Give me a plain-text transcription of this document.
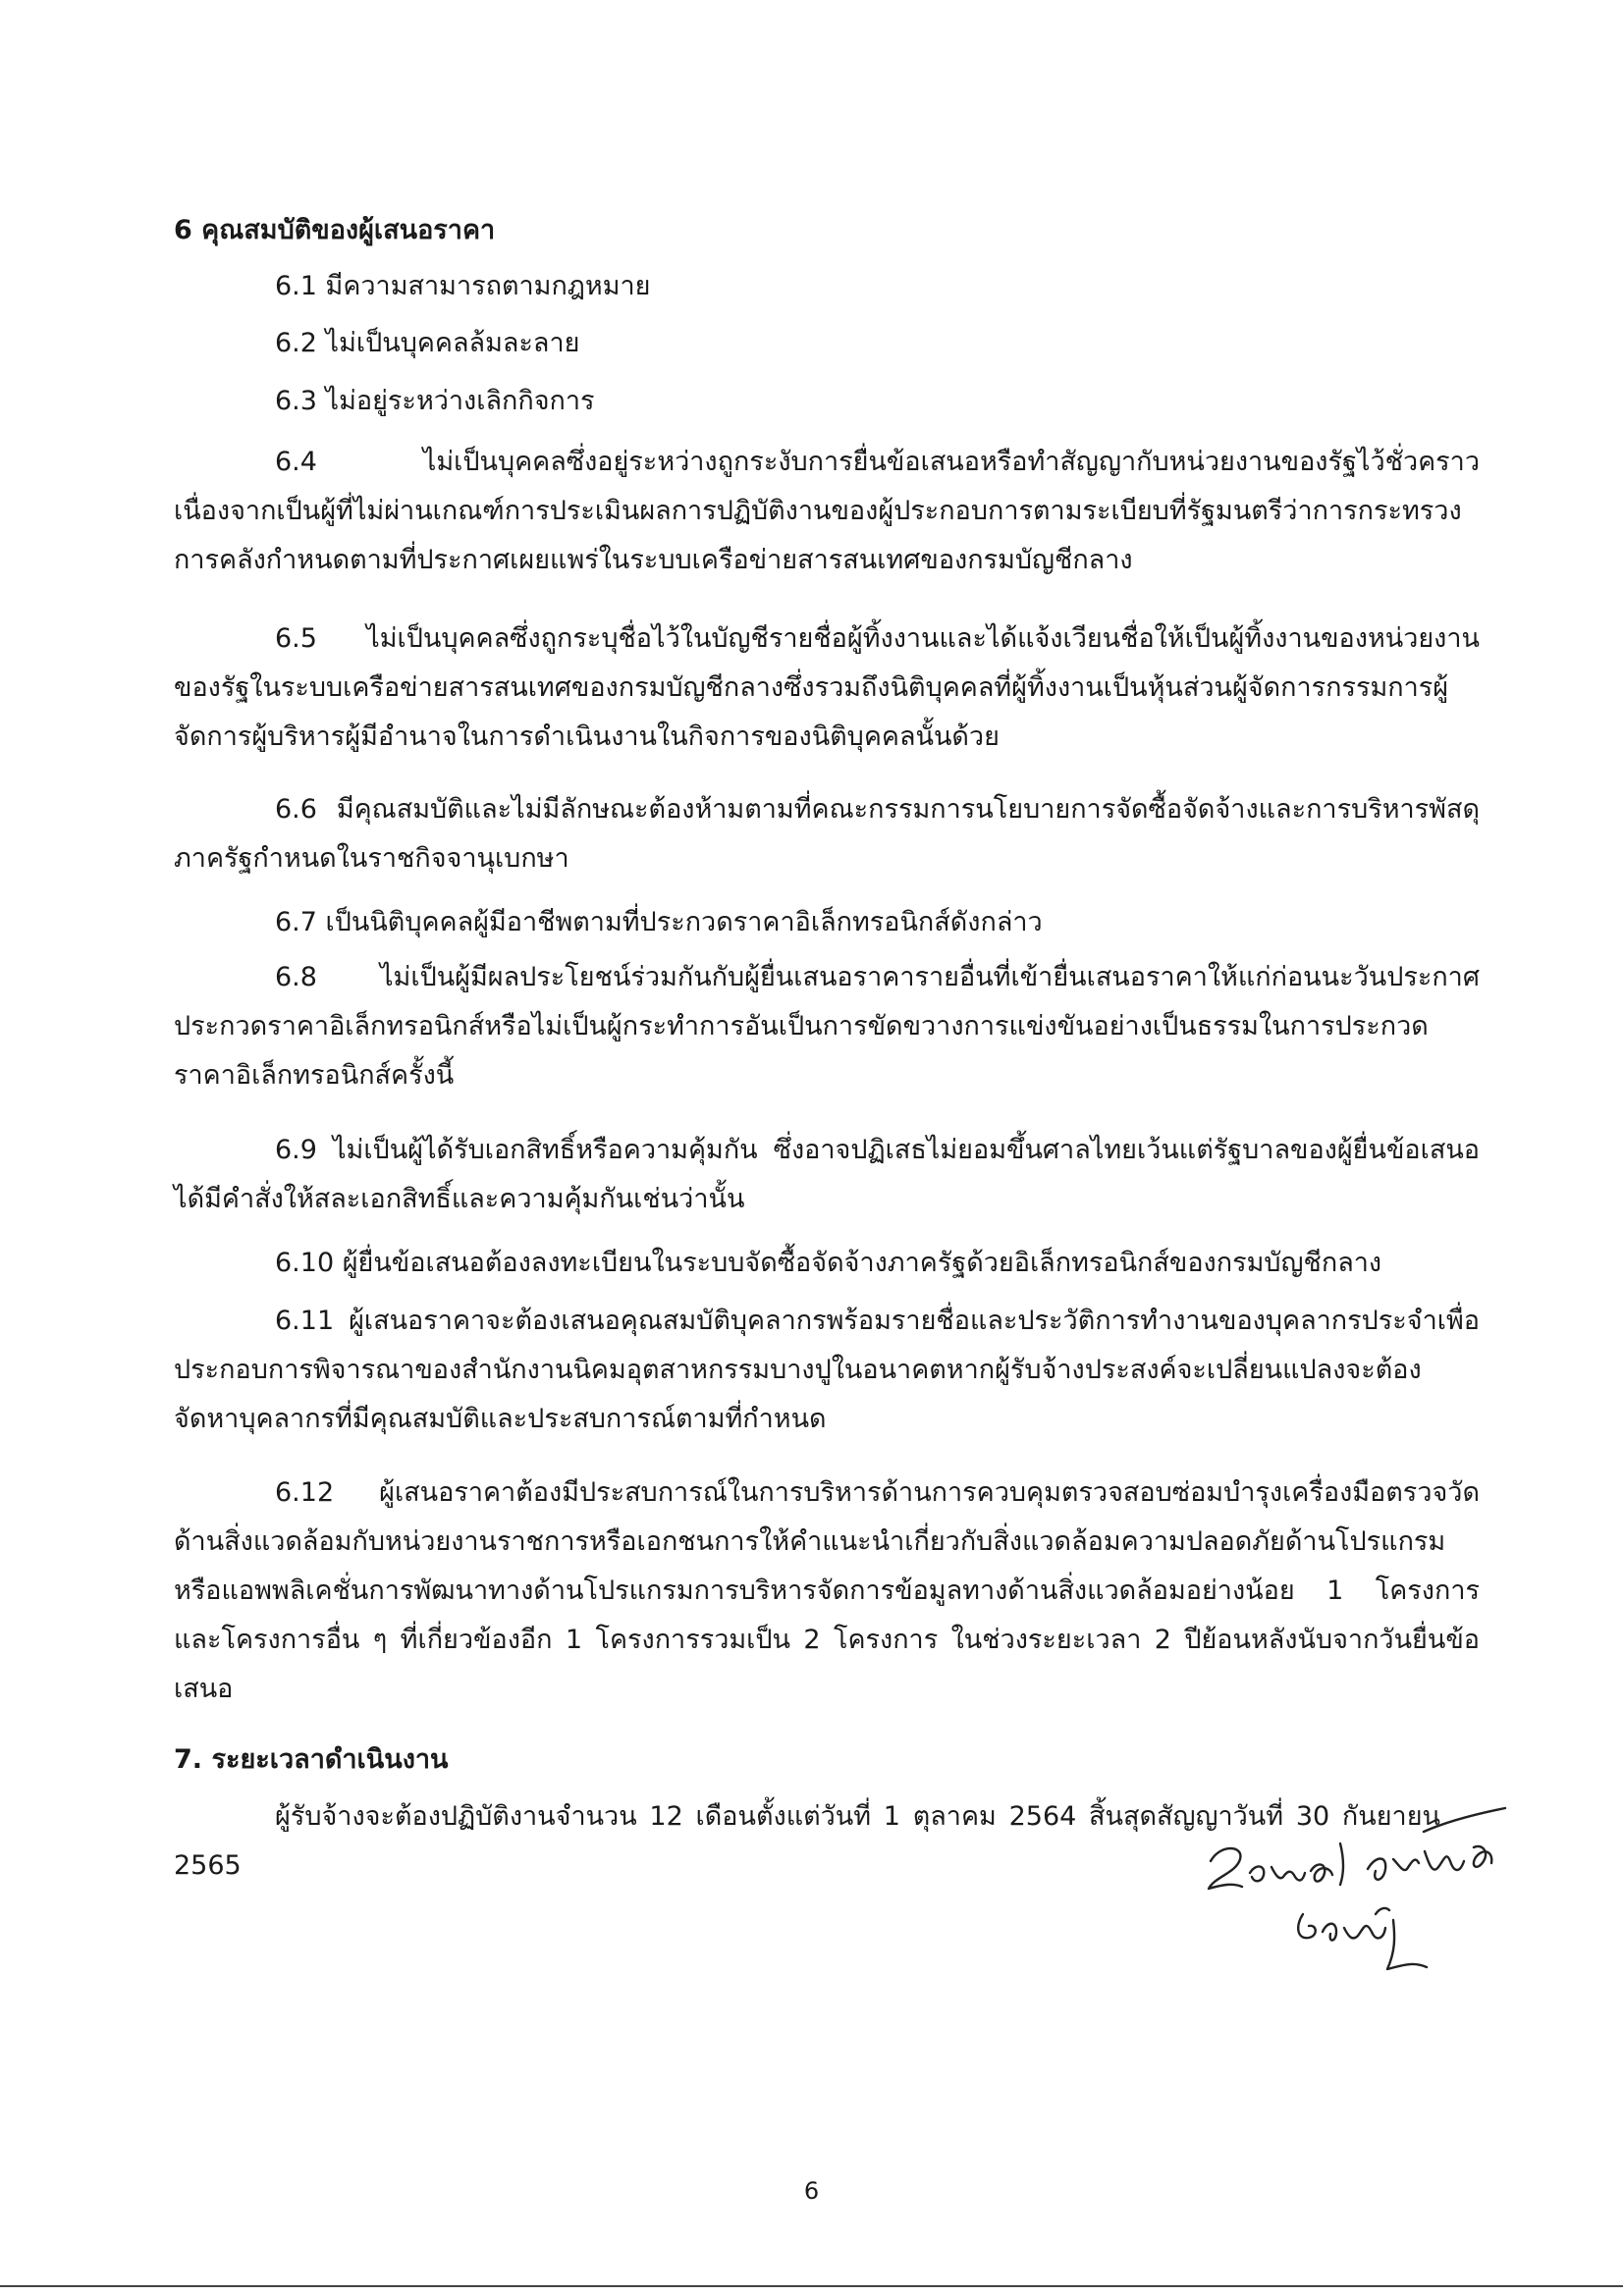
6 คุณสมบัติของผู้เสนอราคา
6.1 มีความสามารถตามกฎหมาย
6.2 ไม่เป็นบุคคลล้มละลาย
6.3 ไม่อยู่ระหว่างเลิกกิจการ
6.4 ไม่เป็นบุคคลซึ่งอยู่ระหว่างถูกระงับการยื่นข้อเสนอหรือทำสัญญากับหน่วยงานของรัฐไว้ชั่วคราว เนื่องจากเป็นผู้ที่ไม่ผ่านเกณฑ์การประเมินผลการปฏิบัติงานของผู้ประกอบการตามระเบียบที่รัฐมนตรีว่าการกระทรวงการคลังกำหนดตามที่ประกาศเผยแพร่ในระบบเครือข่ายสารสนเทศของกรมบัญชีกลาง
6.5 ไม่เป็นบุคคลซึ่งถูกระบุชื่อไว้ในบัญชีรายชื่อผู้ทิ้งงานและได้แจ้งเวียนชื่อให้เป็นผู้ทิ้งงานของหน่วยงานของรัฐในระบบเครือข่ายสารสนเทศของกรมบัญชีกลางซึ่งรวมถึงนิติบุคคลที่ผู้ทิ้งงานเป็นหุ้นส่วนผู้จัดการกรรมการผู้จัดการผู้บริหารผู้มีอำนาจในการดำเนินงานในกิจการของนิติบุคคลนั้นด้วย
6.6 มีคุณสมบัติและไม่มีลักษณะต้องห้ามตามที่คณะกรรมการนโยบายการจัดซื้อจัดจ้างและการบริหารพัสดุภาครัฐกำหนดในราชกิจจานุเบกษา
6.7 เป็นนิติบุคคลผู้มีอาชีพตามที่ประกวดราคาอิเล็กทรอนิกส์ดังกล่าว
6.8 ไม่เป็นผู้มีผลประโยชน์ร่วมกันกับผู้ยื่นเสนอราคารายอื่นที่เข้ายื่นเสนอราคาให้แก่ก่อนนะวันประกาศประกวดราคาอิเล็กทรอนิกส์หรือไม่เป็นผู้กระทำการอันเป็นการขัดขวางการแข่งขันอย่างเป็นธรรมในการประกวดราคาอิเล็กทรอนิกส์ครั้งนี้
6.9 ไม่เป็นผู้ได้รับเอกสิทธิ์หรือความคุ้มกัน ซึ่งอาจปฏิเสธไม่ยอมขึ้นศาลไทยเว้นแต่รัฐบาลของผู้ยื่นข้อเสนอได้มีคำสั่งให้สละเอกสิทธิ์และความคุ้มกันเช่นว่านั้น
6.10 ผู้ยื่นข้อเสนอต้องลงทะเบียนในระบบจัดซื้อจัดจ้างภาครัฐด้วยอิเล็กทรอนิกส์ของกรมบัญชีกลาง
6.11 ผู้เสนอราคาจะต้องเสนอคุณสมบัติบุคลากรพร้อมรายชื่อและประวัติการทำงานของบุคลากรประจำเพื่อประกอบการพิจารณาของสำนักงานนิคมอุตสาหกรรมบางปูในอนาคตหากผู้รับจ้างประสงค์จะเปลี่ยนแปลงจะต้องจัดหาบุคลากรที่มีคุณสมบัติและประสบการณ์ตามที่กำหนด
6.12 ผู้เสนอราคาต้องมีประสบการณ์ในการบริหารด้านการควบคุมตรวจสอบซ่อมบำรุงเครื่องมือตรวจวัดด้านสิ่งแวดล้อมกับหน่วยงานราชการหรือเอกชนการให้คำแนะนำเกี่ยวกับสิ่งแวดล้อมความปลอดภัยด้านโปรแกรมหรือแอพพลิเคชั่นการพัฒนาทางด้านโปรแกรมการบริหารจัดการข้อมูลทางด้านสิ่งแวดล้อมอย่างน้อย 1 โครงการและโครงการอื่น ๆ ที่เกี่ยวข้องอีก 1 โครงการรวมเป็น 2 โครงการ ในช่วงระยะเวลา 2 ปีย้อนหลังนับจากวันยื่นข้อเสนอ
7. ระยะเวลาดำเนินงาน
ผู้รับจ้างจะต้องปฏิบัติงานจำนวน 12 เดือนตั้งแต่วันที่ 1 ตุลาคม 2564 สิ้นสุดสัญญาวันที่ 30 กันยายน 2565
6
